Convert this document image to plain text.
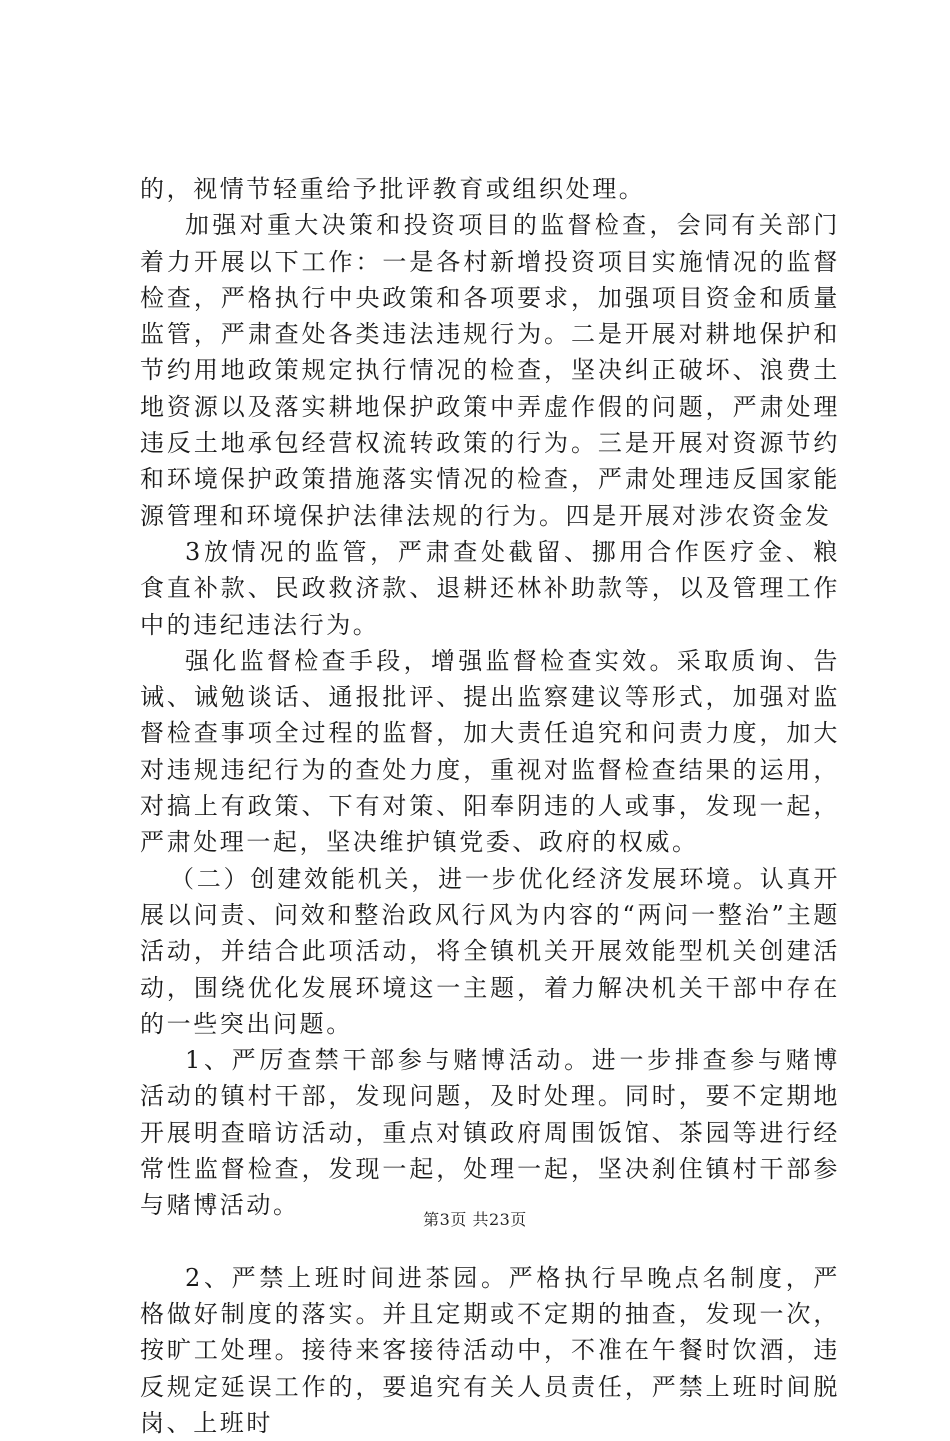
的，视情节轻重给予批评教育或组织处理。

加强对重大决策和投资项目的监督检查，会同有关部门着力开展以下工作：一是各村新增投资项目实施情况的监督检查，严格执行中央政策和各项要求，加强项目资金和质量监管，严肃查处各类违法违规行为。二是开展对耕地保护和节约用地政策规定执行情况的检查，坚决纠正破坏、浪费土地资源以及落实耕地保护政策中弄虚作假的问题，严肃处理违反土地承包经营权流转政策的行为。三是开展对资源节约和环境保护政策措施落实情况的检查，严肃处理违反国家能源管理和环境保护法律法规的行为。四是开展对涉农资金发

3放情况的监管，严肃查处截留、挪用合作医疗金、粮食直补款、民政救济款、退耕还林补助款等，以及管理工作中的违纪违法行为。

强化监督检查手段，增强监督检查实效。采取质询、告诫、诫勉谈话、通报批评、提出监察建议等形式，加强对监督检查事项全过程的监督，加大责任追究和问责力度，加大对违规违纪行为的查处力度，重视对监督检查结果的运用，对搞上有政策、下有对策、阳奉阴违的人或事，发现一起，严肃处理一起，坚决维护镇党委、政府的权威。

（二）创建效能机关，进一步优化经济发展环境。认真开展以问责、问效和整治政风行风为内容的“两问一整治”主题活动，并结合此项活动，将全镇机关开展效能型机关创建活动，围绕优化发展环境这一主题，着力解决机关干部中存在的一些突出问题。

1、严厉查禁干部参与赌博活动。进一步排查参与赌博活动的镇村干部，发现问题，及时处理。同时，要不定期地开展明查暗访活动，重点对镇政府周围饭馆、茶园等进行经常性监督检查，发现一起，处理一起，坚决刹住镇村干部参与赌博活动。

2、严禁上班时间进茶园。严格执行早晚点名制度，严格做好制度的落实。并且定期或不定期的抽查，发现一次，按旷工处理。接待来客接待活动中，不准在午餐时饮酒，违反规定延误工作的，要追究有关人员责任，严禁上班时间脱岗、上班时

第3页 共23页
